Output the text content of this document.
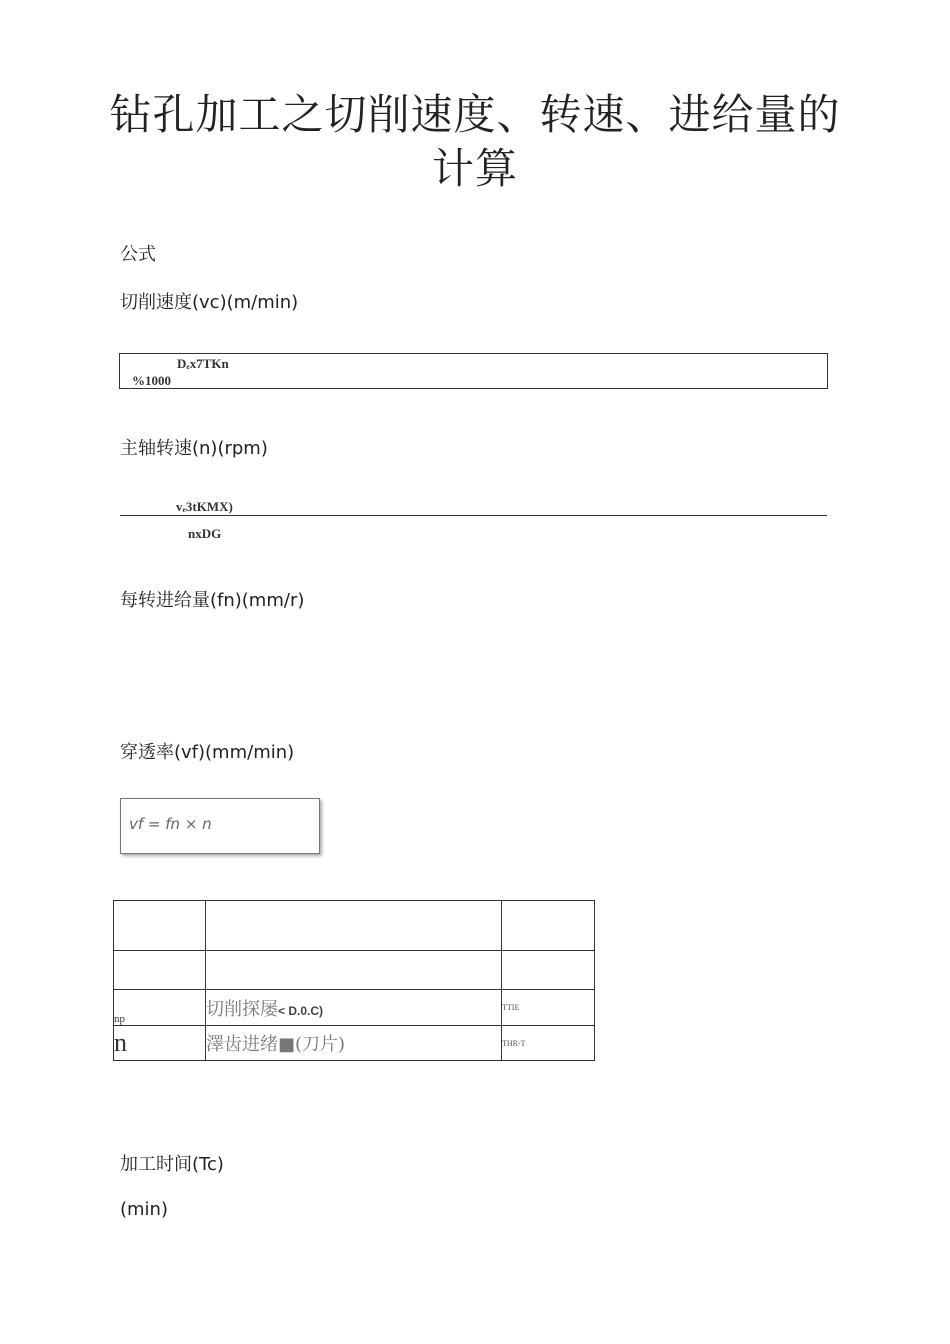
钻孔加工之切削速度、转速、进给量的
计算
公式
切削速度(vc)(m/min)
Dₑx7TKn
%1000
主轴转速(n)(rpm)
vₑ3tKMX)
nxDG
每转进给量(fn)(mm/r)
穿透率(vf)(mm/min)
vf = fn × n

np	切削探屡< D.0.C)	TTIE
n	澤齿进绪■(刀片)	THR-T
加工时间(Tc)
(min)
